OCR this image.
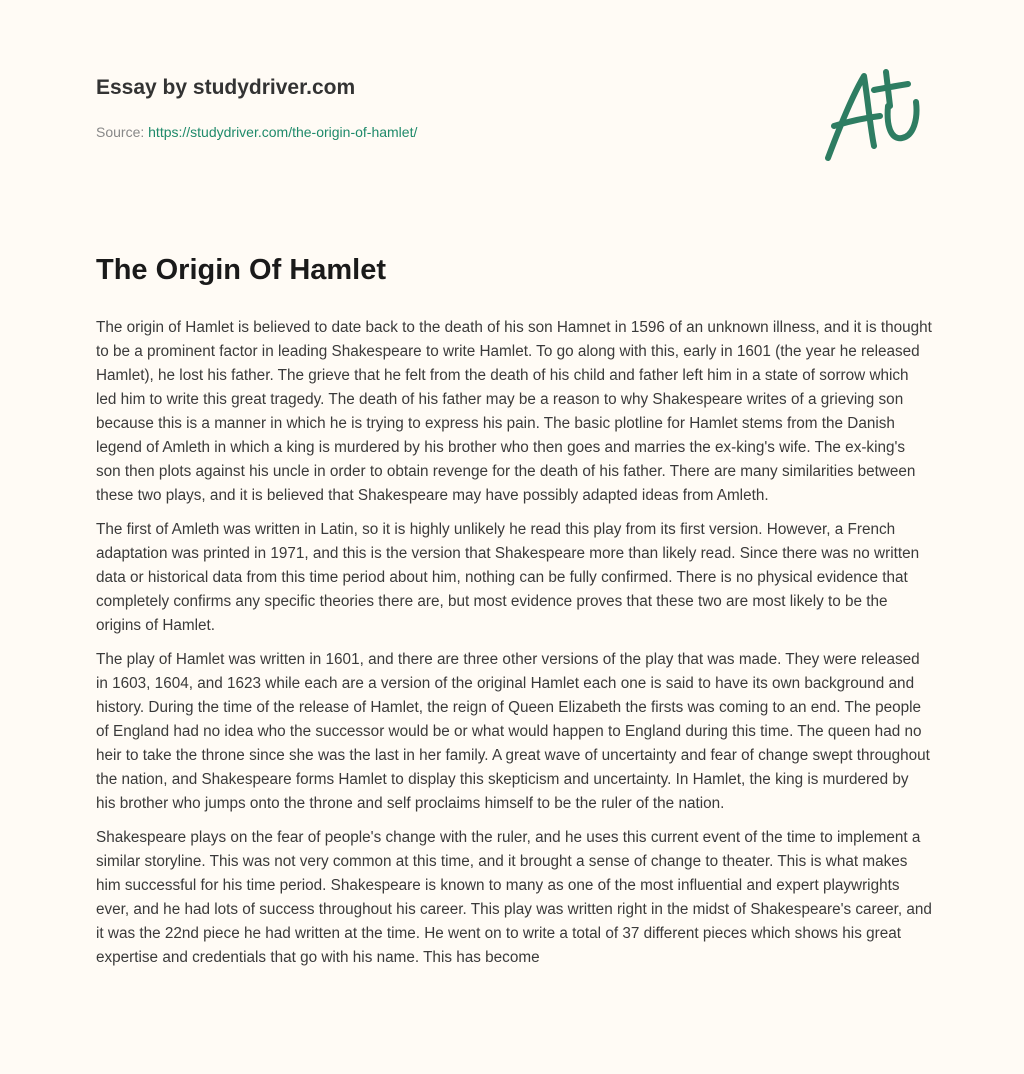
Essay by studydriver.com
Source: https://studydriver.com/the-origin-of-hamlet/
The Origin Of Hamlet

The origin of Hamlet is believed to date back to the death of his son Hamnet in 1596 of an unknown illness, and it is thought to be a prominent factor in leading Shakespeare to write Hamlet. To go along with this, early in 1601 (the year he released Hamlet), he lost his father. The grieve that he felt from the death of his child and father left him in a state of sorrow which led him to write this great tragedy. The death of his father may be a reason to why Shakespeare writes of a grieving son because this is a manner in which he is trying to express his pain. The basic plotline for Hamlet stems from the Danish legend of Amleth in which a king is murdered by his brother who then goes and marries the ex-king's wife. The ex-king's son then plots against his uncle in order to obtain revenge for the death of his father. There are many similarities between these two plays, and it is believed that Shakespeare may have possibly adapted ideas from Amleth.

The first of Amleth was written in Latin, so it is highly unlikely he read this play from its first version. However, a French adaptation was printed in 1971, and this is the version that Shakespeare more than likely read. Since there was no written data or historical data from this time period about him, nothing can be fully confirmed. There is no physical evidence that completely confirms any specific theories there are, but most evidence proves that these two are most likely to be the origins of Hamlet.

The play of Hamlet was written in 1601, and there are three other versions of the play that was made. They were released in 1603, 1604, and 1623 while each are a version of the original Hamlet each one is said to have its own background and history. During the time of the release of Hamlet, the reign of Queen Elizabeth the firsts was coming to an end. The people of England had no idea who the successor would be or what would happen to England during this time. The queen had no heir to take the throne since she was the last in her family. A great wave of uncertainty and fear of change swept throughout the nation, and Shakespeare forms Hamlet to display this skepticism and uncertainty. In Hamlet, the king is murdered by his brother who jumps onto the throne and self proclaims himself to be the ruler of the nation.

Shakespeare plays on the fear of people's change with the ruler, and he uses this current event of the time to implement a similar storyline. This was not very common at this time, and it brought a sense of change to theater. This is what makes him successful for his time period. Shakespeare is known to many as one of the most influential and expert playwrights ever, and he had lots of success throughout his career. This play was written right in the midst of Shakespeare's career, and it was the 22nd piece he had written at the time. He went on to write a total of 37 different pieces which shows his great expertise and credentials that go with his name. This has become
